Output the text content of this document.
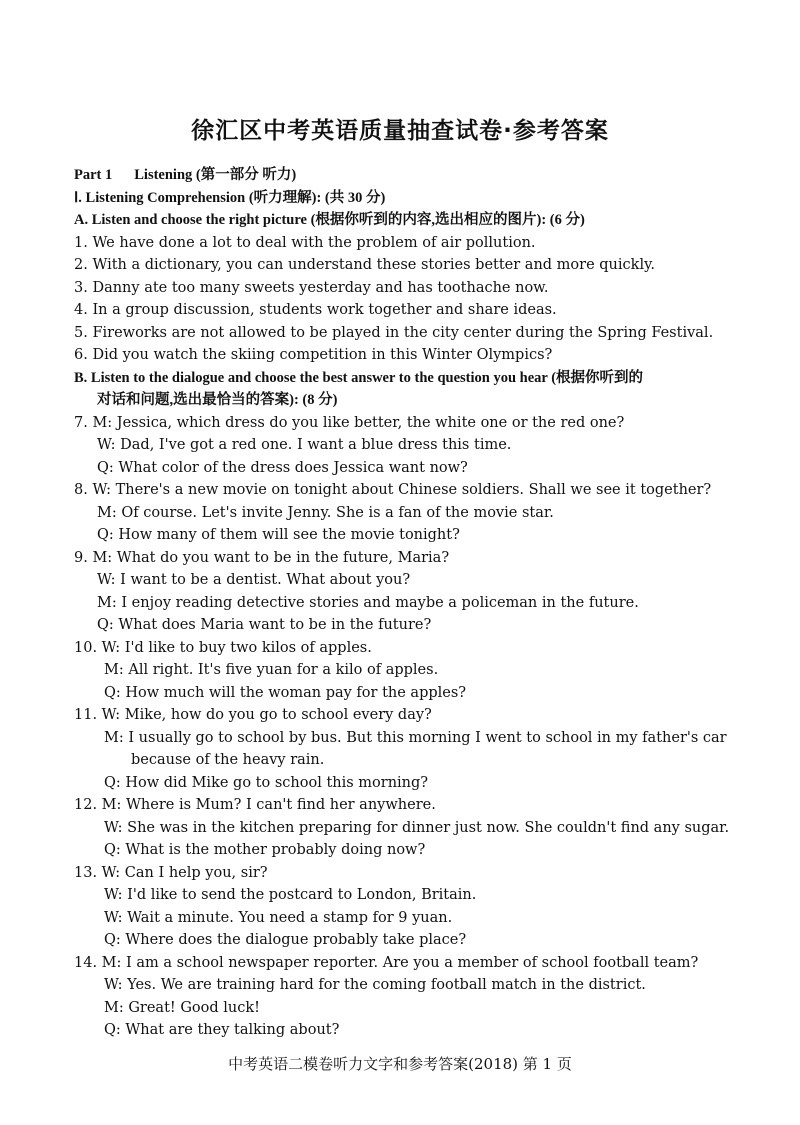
徐汇区中考英语质量抽查试卷·参考答案
Part 1 Listening (第一部分 听力)
Ⅰ. Listening Comprehension (听力理解): (共 30 分)
A. Listen and choose the right picture (根据你听到的内容,选出相应的图片): (6 分)
1. We have done a lot to deal with the problem of air pollution.
2. With a dictionary, you can understand these stories better and more quickly.
3. Danny ate too many sweets yesterday and has toothache now.
4. In a group discussion, students work together and share ideas.
5. Fireworks are not allowed to be played in the city center during the Spring Festival.
6. Did you watch the skiing competition in this Winter Olympics?
B. Listen to the dialogue and choose the best answer to the question you hear (根据你听到的
对话和问题,选出最恰当的答案): (8 分)
7. M: Jessica, which dress do you like better, the white one or the red one?
W: Dad, I've got a red one. I want a blue dress this time.
Q: What color of the dress does Jessica want now?
8. W: There's a new movie on tonight about Chinese soldiers. Shall we see it together?
M: Of course. Let's invite Jenny. She is a fan of the movie star.
Q: How many of them will see the movie tonight?
9. M: What do you want to be in the future, Maria?
W: I want to be a dentist. What about you?
M: I enjoy reading detective stories and maybe a policeman in the future.
Q: What does Maria want to be in the future?
10. W: I'd like to buy two kilos of apples.
M: All right. It's five yuan for a kilo of apples.
Q: How much will the woman pay for the apples?
11. W: Mike, how do you go to school every day?
M: I usually go to school by bus. But this morning I went to school in my father's car
because of the heavy rain.
Q: How did Mike go to school this morning?
12. M: Where is Mum? I can't find her anywhere.
W: She was in the kitchen preparing for dinner just now. She couldn't find any sugar.
Q: What is the mother probably doing now?
13. W: Can I help you, sir?
W: I'd like to send the postcard to London, Britain.
W: Wait a minute. You need a stamp for 9 yuan.
Q: Where does the dialogue probably take place?
14. M: I am a school newspaper reporter. Are you a member of school football team?
W: Yes. We are training hard for the coming football match in the district.
M: Great! Good luck!
Q: What are they talking about?
中考英语二模卷听力文字和参考答案(2018) 第 1 页
